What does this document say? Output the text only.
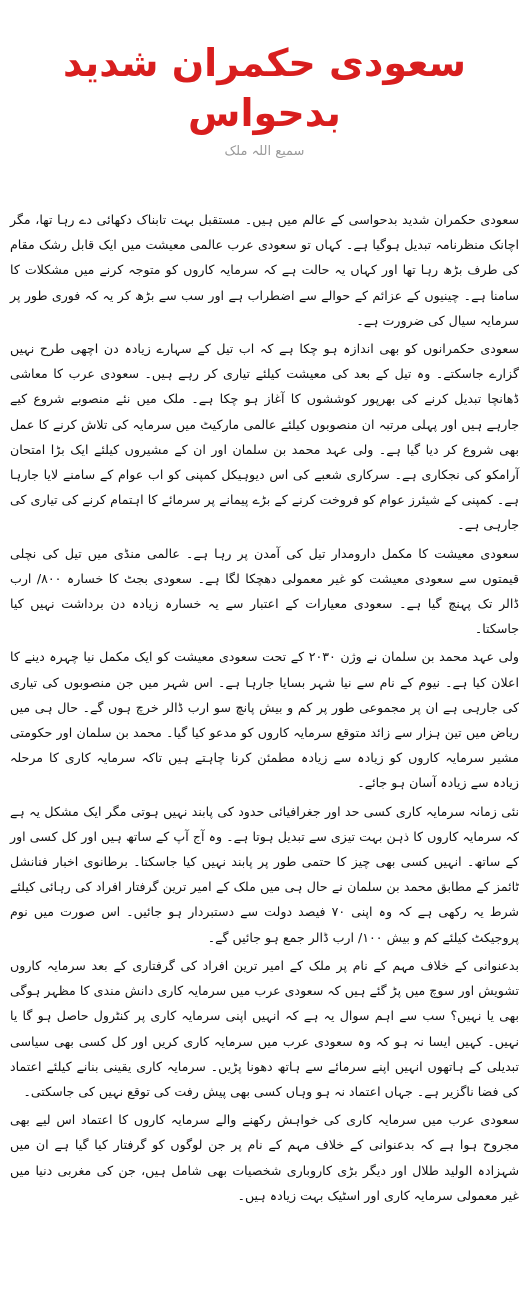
سعودی حکمران شدید بدحواس
سمیع اللہ ملک

سعودی حکمران شدید بدحواسی کے عالم میں ہیں۔ مستقبل بہت تابناک دکھائی دے رہا تھا، مگر اچانک منظرنامہ تبدیل ہوگیا ہے۔ کہاں تو سعودی عرب عالمی معیشت میں ایک قابل رشک مقام کی طرف بڑھ رہا تھا اور کہاں یہ حالت ہے کہ سرمایہ کاروں کو متوجہ کرنے میں مشکلات کا سامنا ہے۔ چینیوں کے عزائم کے حوالے سے اضطراب ہے اور سب سے بڑھ کر یہ کہ فوری طور پر سرمایہ سیال کی ضرورت ہے۔

سعودی حکمرانوں کو بھی اندازہ ہو چکا ہے کہ اب تیل کے سہارے زیادہ دن اچھی طرح نہیں گزارے جاسکتے۔ وہ تیل کے بعد کی معیشت کیلئے تیاری کر رہے ہیں۔ سعودی عرب کا معاشی ڈھانچا تبدیل کرنے کی بھرپور کوششوں کا آغاز ہو چکا ہے۔ ملک میں نئے منصوبے شروع کیے جارہے ہیں اور پہلی مرتبہ ان منصوبوں کیلئے عالمی مارکیٹ میں سرمایہ کی تلاش کرنے کا عمل بھی شروع کر دیا گیا ہے۔ ولی عہد محمد بن سلمان اور ان کے مشیروں کیلئے ایک بڑا امتحان آرامکو کی نجکاری ہے۔ سرکاری شعبے کی اس دیوہیکل کمپنی کو اب عوام کے سامنے لایا جارہا ہے۔ کمپنی کے شیئرز عوام کو فروخت کرنے کے بڑے پیمانے پر سرمائے کا اہتمام کرنے کی تیاری کی جارہی ہے۔

سعودی معیشت کا مکمل دارومدار تیل کی آمدن پر رہا ہے۔ عالمی منڈی میں تیل کی نچلی قیمتوں سے سعودی معیشت کو غیر معمولی دھچکا لگا ہے۔ سعودی بجٹ کا خسارہ ۸۰۰/ ارب ڈالر تک پہنچ گیا ہے۔ سعودی معیارات کے اعتبار سے یہ خسارہ زیادہ دن برداشت نہیں کیا جاسکتا۔

ولی عہد محمد بن سلمان نے وژن ۲۰۳۰ کے تحت سعودی معیشت کو ایک مکمل نیا چہرہ دینے کا اعلان کیا ہے۔ نیوم کے نام سے نیا شہر بسایا جارہا ہے۔ اس شہر میں جن منصوبوں کی تیاری کی جارہی ہے ان پر مجموعی طور پر کم و بیش پانچ سو ارب ڈالر خرچ ہوں گے۔ حال ہی میں ریاض میں تین ہزار سے زائد متوقع سرمایہ کاروں کو مدعو کیا گیا۔ محمد بن سلمان اور حکومتی مشیر سرمایہ کاروں کو زیادہ سے زیادہ مطمئن کرنا چاہتے ہیں تاکہ سرمایہ کاری کا مرحلہ زیادہ سے زیادہ آسان ہو جائے۔

نئی زمانہ سرمایہ کاری کسی حد اور جغرافیائی حدود کی پابند نہیں ہوتی مگر ایک مشکل یہ ہے کہ سرمایہ کاروں کا ذہن بہت تیزی سے تبدیل ہوتا ہے۔ وہ آج آپ کے ساتھ ہیں اور کل کسی اور کے ساتھ۔ انہیں کسی بھی چیز کا حتمی طور پر پابند نہیں کیا جاسکتا۔ برطانوی اخبار فنانشل ٹائمز کے مطابق محمد بن سلمان نے حال ہی میں ملک کے امیر ترین گرفتار افراد کی رہائی کیلئے شرط یہ رکھی ہے کہ وہ اپنی ۷۰ فیصد دولت سے دستبردار ہو جائیں۔ اس صورت میں نوم پروجیکٹ کیلئے کم و بیش ۱۰۰/ ارب ڈالر جمع ہو جائیں گے۔

بدعنوانی کے خلاف مہم کے نام پر ملک کے امیر ترین افراد کی گرفتاری کے بعد سرمایہ کاروں تشویش اور سوچ میں پڑ گئے ہیں کہ سعودی عرب میں سرمایہ کاری دانش مندی کا مظہر ہوگی بھی یا نہیں؟ سب سے اہم سوال یہ ہے کہ انہیں اپنی سرمایہ کاری پر کنٹرول حاصل ہو گا یا نہیں۔ کہیں ایسا نہ ہو کہ وہ سعودی عرب میں سرمایہ کاری کریں اور کل کسی بھی سیاسی تبدیلی کے ہاتھوں انہیں اپنے سرمائے سے ہاتھ دھونا پڑیں۔ سرمایہ کاری یقینی بنانے کیلئے اعتماد کی فضا ناگزیر ہے۔ جہاں اعتماد نہ ہو وہاں کسی بھی پیش رفت کی توقع نہیں کی جاسکتی۔

سعودی عرب میں سرمایہ کاری کی خواہش رکھنے والے سرمایہ کاروں کا اعتماد اس لیے بھی مجروح ہوا ہے کہ بدعنوانی کے خلاف مہم کے نام پر جن لوگوں کو گرفتار کیا گیا ہے ان میں شہزادہ الولید طلال اور دیگر بڑی کاروباری شخصیات بھی شامل ہیں، جن کی مغربی دنیا میں غیر معمولی سرمایہ کاری اور اسٹیک بہت زیادہ ہیں۔
